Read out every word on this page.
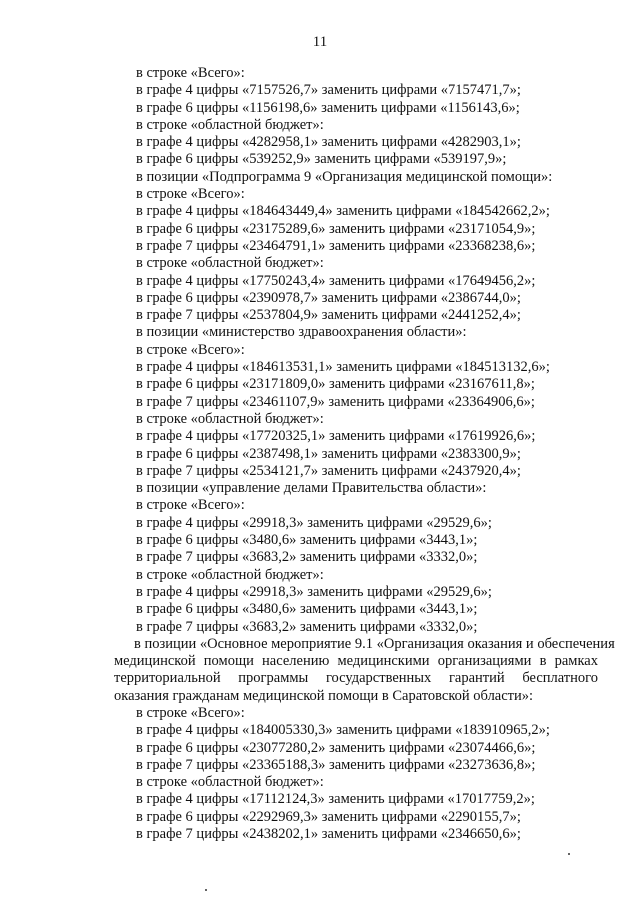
11
в строке «Всего»:
в графе 4 цифры «7157526,7» заменить цифрами «7157471,7»;
в графе 6 цифры «1156198,6» заменить цифрами «1156143,6»;
в строке «областной бюджет»:
в графе 4 цифры «4282958,1» заменить цифрами «4282903,1»;
в графе 6 цифры «539252,9» заменить цифрами «539197,9»;
в позиции «Подпрограмма 9 «Организация медицинской помощи»:
в строке «Всего»:
в графе 4 цифры «184643449,4» заменить цифрами «184542662,2»;
в графе 6 цифры «23175289,6» заменить цифрами «23171054,9»;
в графе 7 цифры «23464791,1» заменить цифрами «23368238,6»;
в строке «областной бюджет»:
в графе 4 цифры «17750243,4» заменить цифрами «17649456,2»;
в графе 6 цифры «2390978,7» заменить цифрами «2386744,0»;
в графе 7 цифры «2537804,9» заменить цифрами «2441252,4»;
в позиции «министерство здравоохранения области»:
в строке «Всего»:
в графе 4 цифры «184613531,1» заменить цифрами «184513132,6»;
в графе 6 цифры «23171809,0» заменить цифрами «23167611,8»;
в графе 7 цифры «23461107,9» заменить цифрами «23364906,6»;
в строке «областной бюджет»:
в графе 4 цифры «17720325,1» заменить цифрами «17619926,6»;
в графе 6 цифры «2387498,1» заменить цифрами «2383300,9»;
в графе 7 цифры «2534121,7» заменить цифрами «2437920,4»;
в позиции «управление делами Правительства области»:
в строке «Всего»:
в графе 4 цифры «29918,3» заменить цифрами «29529,6»;
в графе 6 цифры «3480,6» заменить цифрами «3443,1»;
в графе 7 цифры «3683,2» заменить цифрами «3332,0»;
в строке «областной бюджет»:
в графе 4 цифры «29918,3» заменить цифрами «29529,6»;
в графе 6 цифры «3480,6» заменить цифрами «3443,1»;
в графе 7 цифры «3683,2» заменить цифрами «3332,0»;
в позиции «Основное мероприятие 9.1 «Организация оказания и обеспечения
медицинской помощи населению медицинскими организациями в рамках
территориальной программы государственных гарантий бесплатного
оказания гражданам медицинской помощи в Саратовской области»:
в строке «Всего»:
в графе 4 цифры «184005330,3» заменить цифрами «183910965,2»;
в графе 6 цифры «23077280,2» заменить цифрами «23074466,6»;
в графе 7 цифры «23365188,3» заменить цифрами «23273636,8»;
в строке «областной бюджет»:
в графе 4 цифры «17112124,3» заменить цифрами «17017759,2»;
в графе 6 цифры «2292969,3» заменить цифрами «2290155,7»;
в графе 7 цифры «2438202,1» заменить цифрами «2346650,6»;
